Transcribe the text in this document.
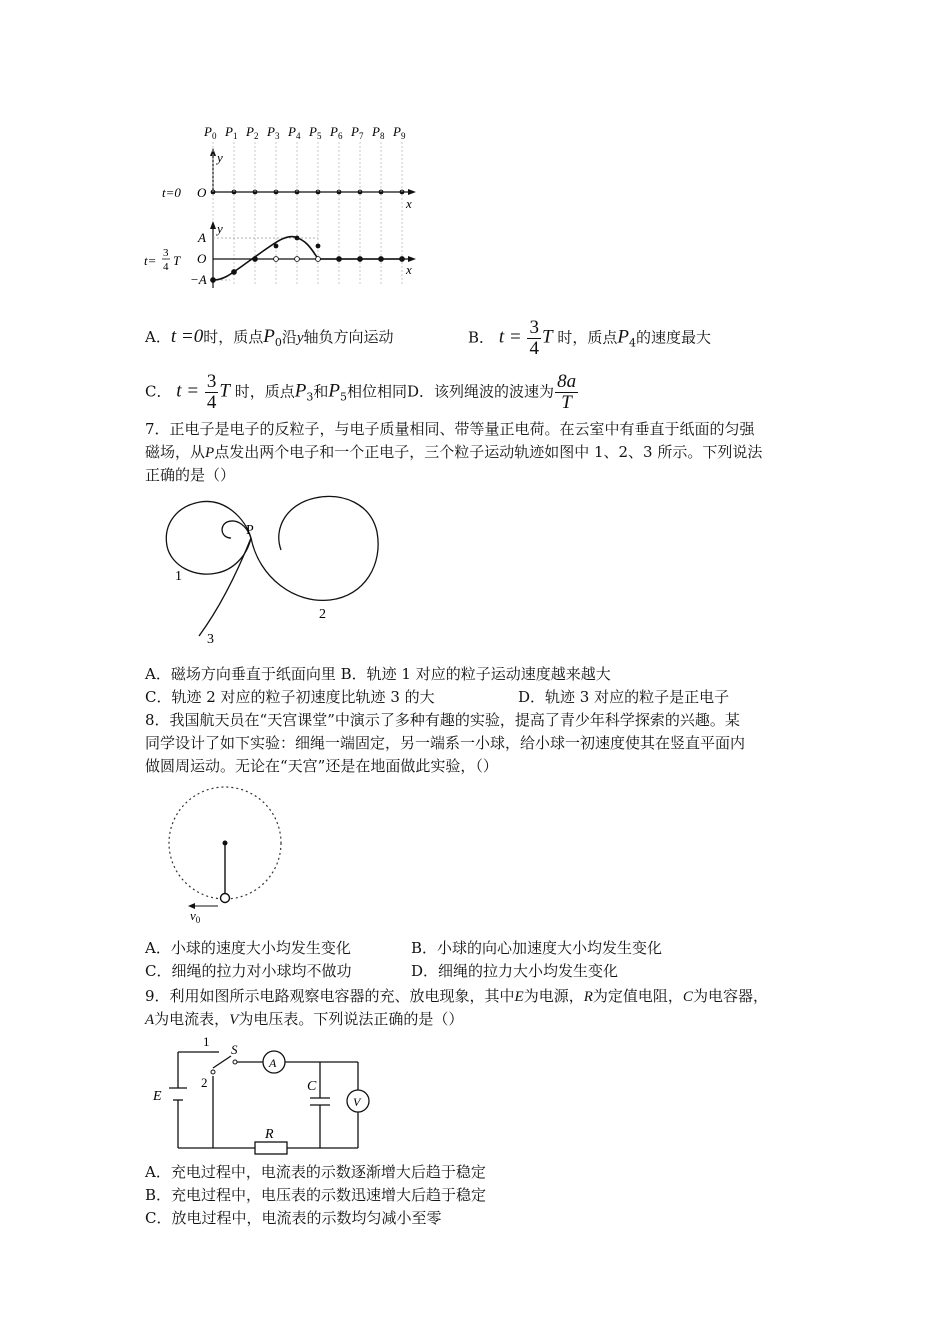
$P_0$ $P_1$ $P_2$ $P_3$ $P_4$ $P_5$ $P_6$ $P_7$ $P_8$ $P_9$
y
x
t=0 O
y
x
A
O
−A
t= 3
4 T
A．t =0时，质点$P_0$沿y轴负方向运动	B． $t = \frac{3}{4}$ T 时，质点$P_4$的速度最大
C． $t = \frac{3}{4}$ T 时，质点$P_3$和$P_5$相位相同D．该列绳波的波速为 $\frac{8a}{T}$
7．正电子是电子的反粒子，与电子质量相同、带等量正电荷。在云室中有垂直于纸面的匀强
磁场，从P点发出两个电子和一个正电子，三个粒子运动轨迹如图中 1、2、3 所示。下列说法
正确的是（）
P
1
2
3
A．磁场方向垂直于纸面向里 B．轨迹 1 对应的粒子运动速度越来越大
C．轨迹 2 对应的粒子初速度比轨迹 3 的大	D．轨迹 3 对应的粒子是正电子
8．我国航天员在“天宫课堂”中演示了多种有趣的实验，提高了青少年科学探索的兴趣。某
同学设计了如下实验：细绳一端固定，另一端系一小球，给小球一初速度使其在竖直平面内
做圆周运动。无论在“天宫”还是在地面做此实验，（）
$v_0$
A．小球的速度大小均发生变化	B．小球的向心加速度大小均发生变化
C．细绳的拉力对小球均不做功	D．细绳的拉力大小均发生变化
9．利用如图所示电路观察电容器的充、放电现象，其中E为电源，R为定值电阻，C为电容器，
A为电流表，V为电压表。下列说法正确的是（）
1
2
S
A
V
E
C
R
A．充电过程中，电流表的示数逐渐增大后趋于稳定
B．充电过程中，电压表的示数迅速增大后趋于稳定
C．放电过程中，电流表的示数均匀减小至零
